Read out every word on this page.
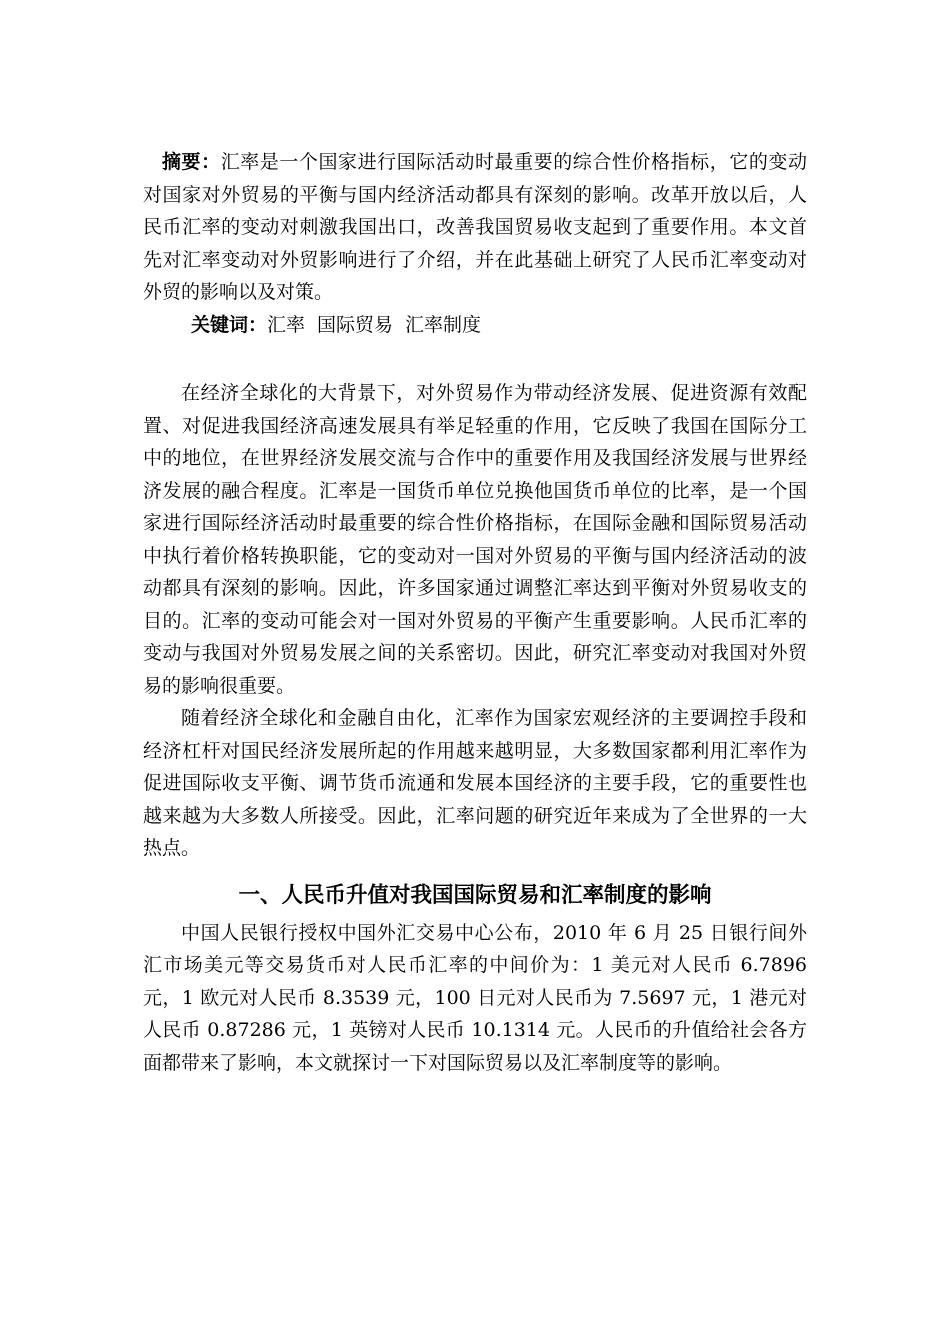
摘要：汇率是一个国家进行国际活动时最重要的综合性价格指标，它的变动对国家对外贸易的平衡与国内经济活动都具有深刻的影响。改革开放以后，人民币汇率的变动对刺激我国出口，改善我国贸易收支起到了重要作用。本文首先对汇率变动对外贸影响进行了介绍，并在此基础上研究了人民币汇率变动对外贸的影响以及对策。

关键词：汇率 国际贸易 汇率制度

在经济全球化的大背景下，对外贸易作为带动经济发展、促进资源有效配置、对促进我国经济高速发展具有举足轻重的作用，它反映了我国在国际分工中的地位，在世界经济发展交流与合作中的重要作用及我国经济发展与世界经济发展的融合程度。汇率是一国货币单位兑换他国货币单位的比率，是一个国家进行国际经济活动时最重要的综合性价格指标，在国际金融和国际贸易活动中执行着价格转换职能，它的变动对一国对外贸易的平衡与国内经济活动的波动都具有深刻的影响。因此，许多国家通过调整汇率达到平衡对外贸易收支的目的。汇率的变动可能会对一国对外贸易的平衡产生重要影响。人民币汇率的变动与我国对外贸易发展之间的关系密切。因此，研究汇率变动对我国对外贸易的影响很重要。

随着经济全球化和金融自由化，汇率作为国家宏观经济的主要调控手段和经济杠杆对国民经济发展所起的作用越来越明显，大多数国家都利用汇率作为促进国际收支平衡、调节货币流通和发展本国经济的主要手段，它的重要性也越来越为大多数人所接受。因此，汇率问题的研究近年来成为了全世界的一大热点。

一、人民币升值对我国国际贸易和汇率制度的影响

中国人民银行授权中国外汇交易中心公布，2010 年 6 月 25 日银行间外汇市场美元等交易货币对人民币汇率的中间价为：1 美元对人民币 6.7896 元，1 欧元对人民币 8.3539 元，100 日元对人民币为 7.5697 元，1 港元对人民币 0.87286 元，1 英镑对人民币 10.1314 元。人民币的升值给社会各方面都带来了影响，本文就探讨一下对国际贸易以及汇率制度等的影响。
